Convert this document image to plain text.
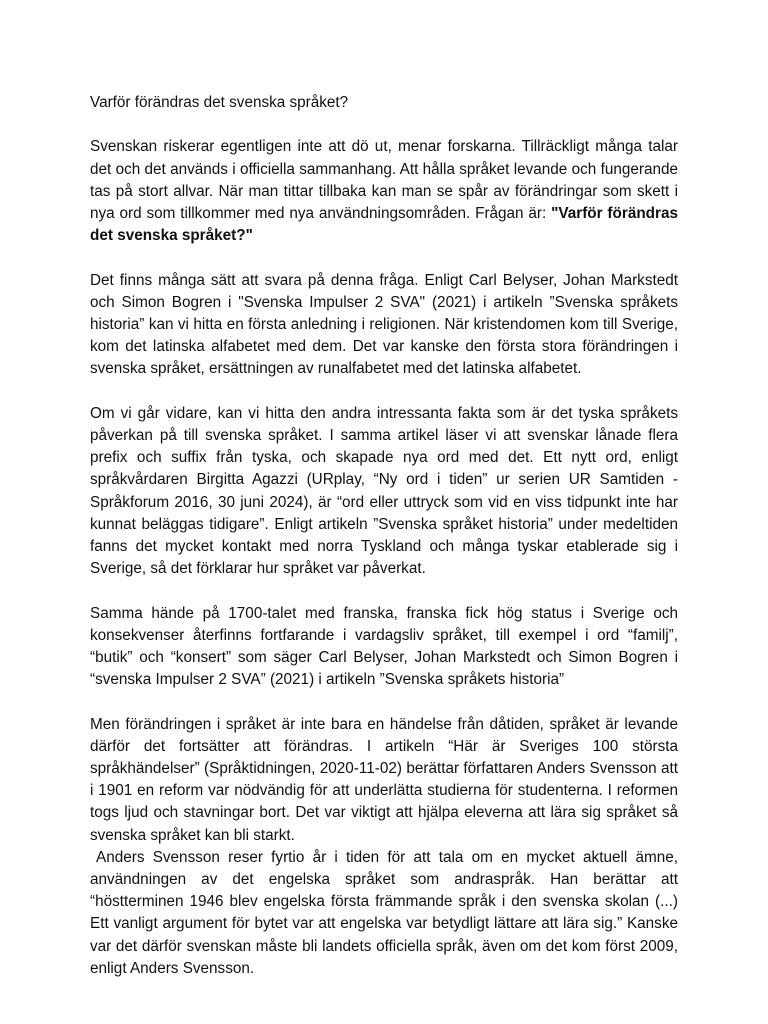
Varför förändras det svenska språket?

Svenskan riskerar egentligen inte att dö ut, menar forskarna. Tillräckligt många talar det och det används i officiella sammanhang. Att hålla språket levande och fungerande tas på stort allvar. När man tittar tillbaka kan man se spår av förändringar som skett i nya ord som tillkommer med nya användningsområden. Frågan är: "Varför förändras det svenska språket?"

Det finns många sätt att svara på denna fråga. Enligt Carl Belyser, Johan Markstedt och Simon Bogren i "Svenska Impulser 2 SVA" (2021) i artikeln ”Svenska språkets historia” kan vi hitta en första anledning i religionen. När kristendomen kom till Sverige, kom det latinska alfabetet med dem. Det var kanske den första stora förändringen i svenska språket, ersättningen av runalfabetet med det latinska alfabetet.

Om vi går vidare, kan vi hitta den andra intressanta fakta som är det tyska språkets påverkan på till svenska språket. I samma artikel läser vi att svenskar lånade flera prefix och suffix från tyska, och skapade nya ord med det. Ett nytt ord, enligt språkvårdaren Birgitta Agazzi (URplay, “Ny ord i tiden” ur serien UR Samtiden - Språkforum 2016, 30 juni 2024), är “ord eller uttryck som vid en viss tidpunkt inte har kunnat beläggas tidigare”. Enligt artikeln ”Svenska språket historia” under medeltiden fanns det mycket kontakt med norra Tyskland och många tyskar etablerade sig i Sverige, så det förklarar hur språket var påverkat.

Samma hände på 1700-talet med franska, franska fick hög status i Sverige och konsekvenser återfinns fortfarande i vardagsliv språket, till exempel i ord “familj”, “butik” och “konsert” som säger Carl Belyser, Johan Markstedt och Simon Bogren i “svenska Impulser 2 SVA” (2021) i artikeln ”Svenska språkets historia”

Men förändringen i språket är inte bara en händelse från dåtiden, språket är levande därför det fortsätter att förändras. I artikeln “Här är Sveriges 100 största språkhändelser” (Språktidningen, 2020-11-02) berättar författaren Anders Svensson att i 1901 en reform var nödvändig för att underlätta studierna för studenterna. I reformen togs ljud och stavningar bort. Det var viktigt att hjälpa eleverna att lära sig språket så svenska språket kan bli starkt.

Anders Svensson reser fyrtio år i tiden för att tala om en mycket aktuell ämne, användningen av det engelska språket som andraspråk. Han berättar att “höstterminen 1946 blev engelska första främmande språk i den svenska skolan (...) Ett vanligt argument för bytet var att engelska var betydligt lättare att lära sig.” Kanske var det därför svenskan måste bli landets officiella språk, även om det kom först 2009, enligt Anders Svensson.
